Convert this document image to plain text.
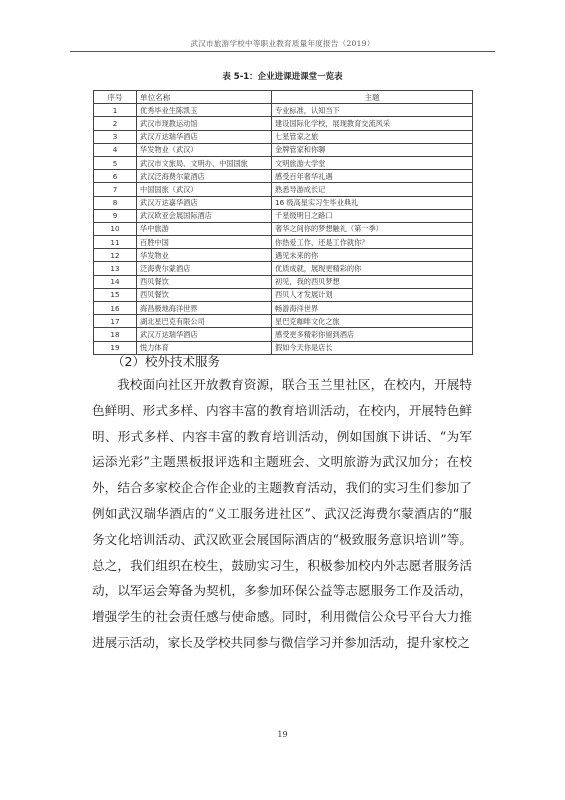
武汉市旅游学校中等职业教育质量年度报告（2019）
表 5-1：企业进课进课堂一览表
序号	单位名称	主题
1	优秀毕业生陈凯玉	专业标准，认知当下
2	武汉市现教运动馆	建设国际化学校，展现教育交流风采
3	武汉万达瑞华酒店	七星管家之旅
4	华发物业（武汉）	金牌管家和你聊
5	武汉市文旅局、文明办、中国国旅	文明旅游大学堂
6	武汉泛海费尔蒙酒店	感受百年奢华礼遇
7	中国国旅（武汉）	熟悉导游成长记
8	武汉万达嘉华酒店	16 级高星实习生毕业典礼
9	武汉欧亚会展国际酒店	千星级明日之路口
10	华中旅游	奢华之间你的梦想触礼（第一季）
11	百胜中国	你热爱工作，还是工作就你？
12	华发物业	遇见未来的你
13	泛海费尔蒙酒店	优质成就，展现更精彩的你
14	西贝餐饮	初见，我的西贝梦想
15	西贝餐饮	西贝人才发展计划
16	海昌极地海洋世界	畅游海洋世界
17	湖北星巴克有限公司	星巴克咖啡文化之旅
18	武汉万达瑞华酒店	感受更多精彩你留到酒店
19	悦力体育	假如今天你是店长
（2）校外技术服务

我校面向社区开放教育资源，联合玉兰里社区，在校内，开展特色鲜明、形式多样、内容丰富的教育培训活动，在校内，开展特色鲜明、形式多样、内容丰富的教育培训活动，例如国旗下讲话、“为军运添光彩”主题黑板报评选和主题班会、文明旅游为武汉加分；在校外，结合多家校企合作企业的主题教育活动，我们的实习生们参加了例如武汉瑞华酒店的“义工服务进社区”、武汉泛海费尔蒙酒店的“服务文化培训活动、武汉欧亚会展国际酒店的“极致服务意识培训”等。总之，我们组织在校生，鼓励实习生，积极参加校内外志愿者服务活动，以军运会筹备为契机，多参加环保公益等志愿服务工作及活动，增强学生的社会责任感与使命感。同时，利用微信公众号平台大力推进展示活动，家长及学校共同参与微信学习并参加活动，提升家校之

19
